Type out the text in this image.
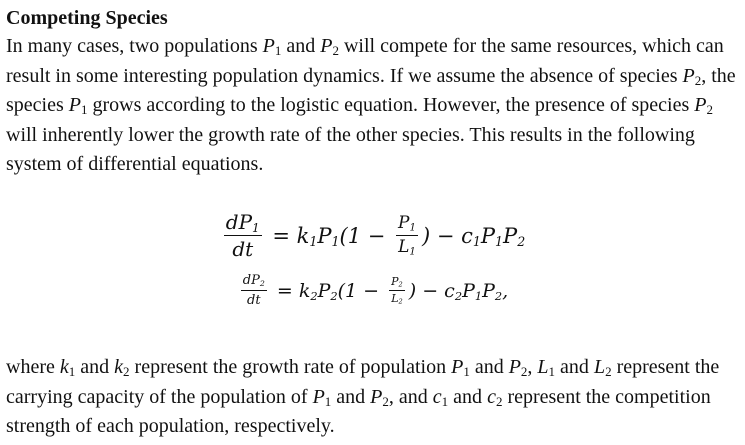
Competing Species

In many cases, two populations $P_1$ and $P_2$ will compete for the same resources, which can result in some interesting population dynamics. If we assume the absence of species $P_2$, the species $P_1$ grows according to the logistic equation. However, the presence of species $P_2$ will inherently lower the growth rate of the other species. This results in the following system of differential equations.

$\frac{dP_1}{dt} = k_1P_1(1 - \frac{P_1}{L_1}$ ) − $c_1P_1P_2$
$\frac{dP_2}{dt} = k_2P_2(1 - \frac{P_2}{L_2}$ ) − $c_2P_1P_2$,

where $k_1$ and $k_2$ represent the growth rate of population $P_1$ and $P_2$, $L_1$ and $L_2$ represent the carrying capacity of the population of $P_1$ and $P_2$, and $c_1$ and $c_2$ represent the competition strength of each population, respectively.
